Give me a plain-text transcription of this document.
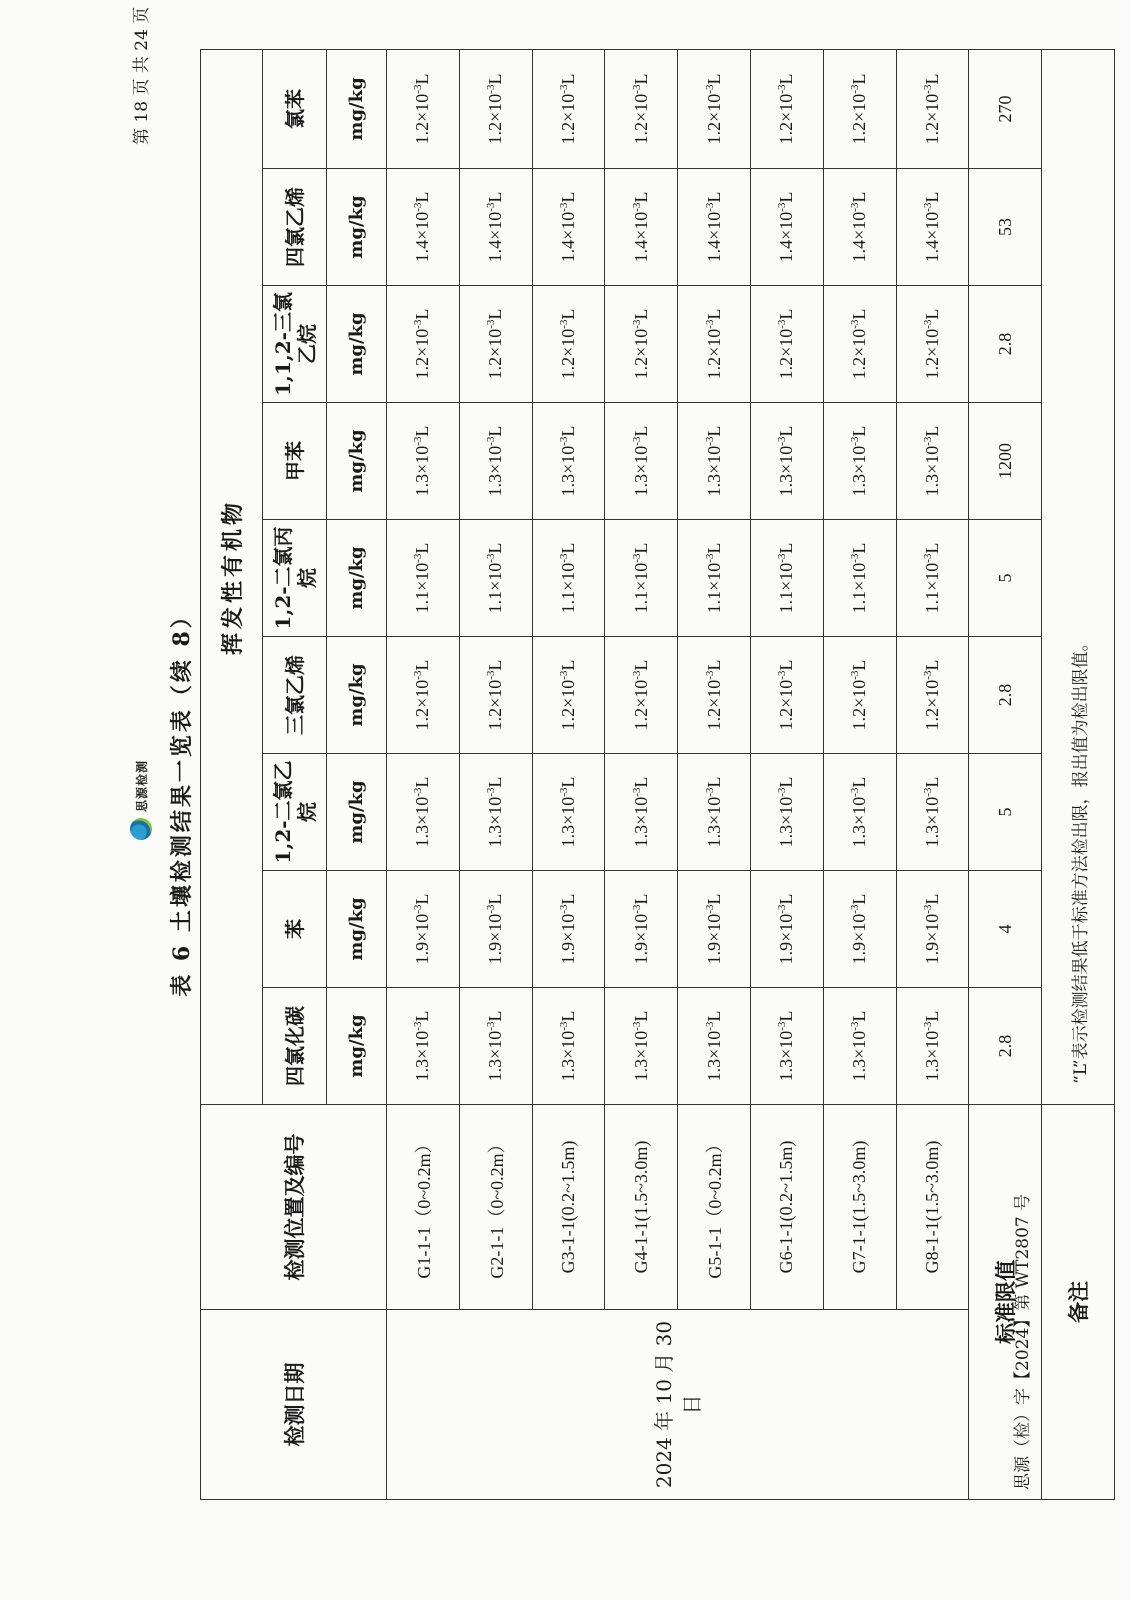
思源（检）字【2024】第 WT2807 号
第 18 页 共 24 页
思源检测 表 6 土壤检测结果一览表（续 8）
检测日期	检测位置及编号	挥发性有机物								
		四氯化碳	苯	1,2-二氯乙烷	三氯乙烯	1,2-二氯丙烷	甲苯	1,1,2-三氯乙烷	四氯乙烯	氯苯
		mg/kg	mg/kg	mg/kg	mg/kg	mg/kg	mg/kg	mg/kg	mg/kg	mg/kg
2024 年 10 月 30 日	G1-1-1（0~0.2m）	$1.3\times 10^{-3}L$	$1.9\times 10^{-3}L$	$1.3\times 10^{-3}L$	$1.2\times 10^{-3}L$	$1.1\times 10^{-3}L$	$1.3\times 10^{-3}L$	$1.2\times 10^{-3}L$	$1.4\times 10^{-3}L$	$1.2\times 10^{-3}L$
	G2-1-1（0~0.2m）	$1.3\times 10^{-3}L$	$1.9\times 10^{-3}L$	$1.3\times 10^{-3}L$	$1.2\times 10^{-3}L$	$1.1\times 10^{-3}L$	$1.3\times 10^{-3}L$	$1.2\times 10^{-3}L$	$1.4\times 10^{-3}L$	$1.2\times 10^{-3}L$
	G3-1-1(0.2~1.5m)	$1.3\times 10^{-3}L$	$1.9\times 10^{-3}L$	$1.3\times 10^{-3}L$	$1.2\times 10^{-3}L$	$1.1\times 10^{-3}L$	$1.3\times 10^{-3}L$	$1.2\times 10^{-3}L$	$1.4\times 10^{-3}L$	$1.2\times 10^{-3}L$
	G4-1-1(1.5~3.0m)	$1.3\times 10^{-3}L$	$1.9\times 10^{-3}L$	$1.3\times 10^{-3}L$	$1.2\times 10^{-3}L$	$1.1\times 10^{-3}L$	$1.3\times 10^{-3}L$	$1.2\times 10^{-3}L$	$1.4\times 10^{-3}L$	$1.2\times 10^{-3}L$
	G5-1-1（0~0.2m）	$1.3\times 10^{-3}L$	$1.9\times 10^{-3}L$	$1.3\times 10^{-3}L$	$1.2\times 10^{-3}L$	$1.1\times 10^{-3}L$	$1.3\times 10^{-3}L$	$1.2\times 10^{-3}L$	$1.4\times 10^{-3}L$	$1.2\times 10^{-3}L$
	G6-1-1(0.2~1.5m)	$1.3\times 10^{-3}L$	$1.9\times 10^{-3}L$	$1.3\times 10^{-3}L$	$1.2\times 10^{-3}L$	$1.1\times 10^{-3}L$	$1.3\times 10^{-3}L$	$1.2\times 10^{-3}L$	$1.4\times 10^{-3}L$	$1.2\times 10^{-3}L$
	G7-1-1(1.5~3.0m)	$1.3\times 10^{-3}L$	$1.9\times 10^{-3}L$	$1.3\times 10^{-3}L$	$1.2\times 10^{-3}L$	$1.1\times 10^{-3}L$	$1.3\times 10^{-3}L$	$1.2\times 10^{-3}L$	$1.4\times 10^{-3}L$	$1.2\times 10^{-3}L$
	G8-1-1(1.5~3.0m)	$1.3\times 10^{-3}L$	$1.9\times 10^{-3}L$	$1.3\times 10^{-3}L$	$1.2\times 10^{-3}L$	$1.1\times 10^{-3}L$	$1.3\times 10^{-3}L$	$1.2\times 10^{-3}L$	$1.4\times 10^{-3}L$	$1.2\times 10^{-3}L$
标准限值		2.8	4	5	2.8	5	1200	2.8	53	270
备注		“L”表示检测结果低于标准方法检出限，报出值为检出限值。								
